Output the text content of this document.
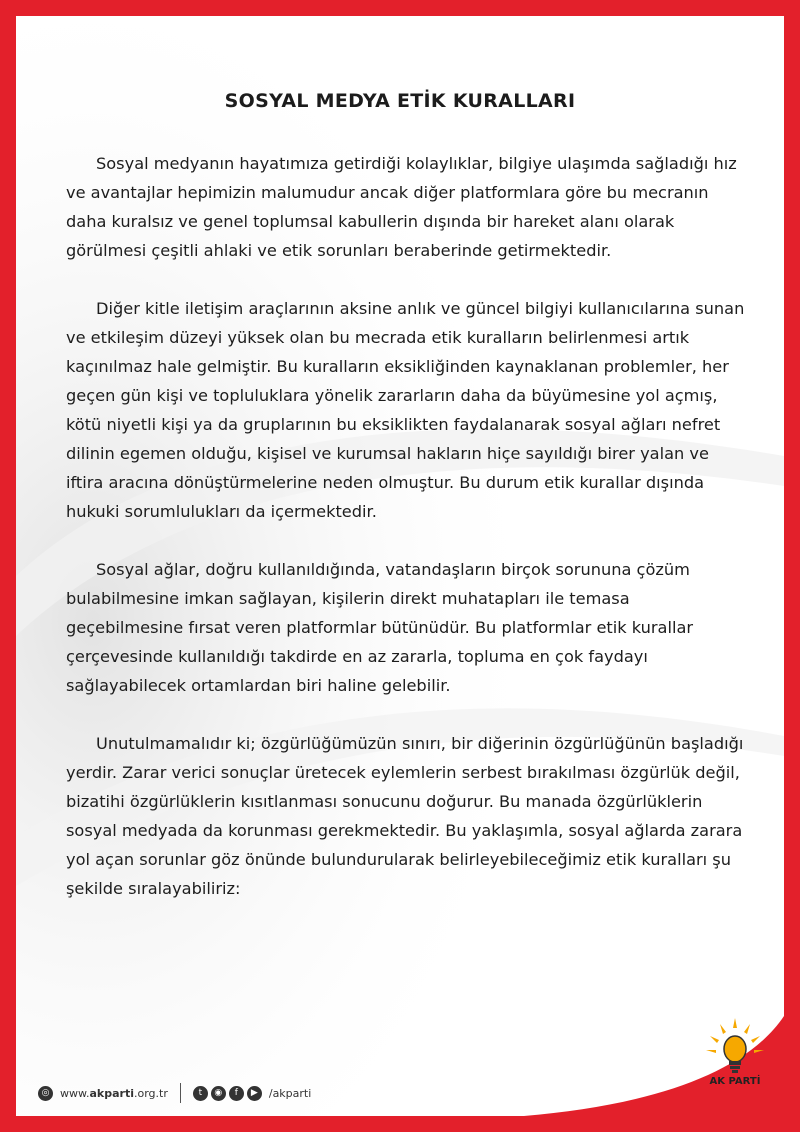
SOSYAL MEDYA ETİK KURALLARI

Sosyal medyanın hayatımıza getirdiği kolaylıklar, bilgiye ulaşımda sağladığı hız ve avantajlar hepimizin malumudur ancak diğer platformlara göre bu mecranın daha kuralsız ve genel toplumsal kabullerin dışında bir hareket alanı olarak görülmesi çeşitli ahlaki ve etik sorunları beraberinde getirmektedir.

Diğer kitle iletişim araçlarının aksine anlık ve güncel bilgiyi kullanıcılarına sunan ve etkileşim düzeyi yüksek olan bu mecrada etik kuralların belirlenmesi artık kaçınılmaz hale gelmiştir. Bu kuralların eksikliğinden kaynaklanan problemler, her geçen gün kişi ve topluluklara yönelik zararların daha da büyümesine yol açmış, kötü niyetli kişi ya da gruplarının bu eksiklikten faydalanarak sosyal ağları nefret dilinin egemen olduğu, kişisel ve kurumsal hakların hiçe sayıldığı birer yalan ve iftira aracına dönüştürmelerine neden olmuştur. Bu durum etik kurallar dışında hukuki sorumlulukları da içermektedir.

Sosyal ağlar, doğru kullanıldığında, vatandaşların birçok sorununa çözüm bulabilmesine imkan sağlayan, kişilerin direkt muhatapları ile temasa geçebilmesine fırsat veren platformlar bütünüdür. Bu platformlar etik kurallar çerçevesinde kullanıldığı takdirde en az zararla, topluma en çok faydayı sağlayabilecek ortamlardan biri haline gelebilir.

Unutulmamalıdır ki; özgürlüğümüzün sınırı, bir diğerinin özgürlüğünün başladığı yerdir. Zarar verici sonuçlar üretecek eylemlerin serbest bırakılması özgürlük değil, bizatihi özgürlüklerin kısıtlanması sonucunu doğurur. Bu manada özgürlüklerin sosyal medyada da korunması gerekmektedir. Bu yaklaşımla, sosyal ağlarda zarara yol açan sorunlar göz önünde bulundurularak belirleyebileceğimiz etik kuralları şu şekilde sıralayabiliriz:

◎ www.akparti.org.tr	t	◉	f	▶	/akparti
AK PARTİ
